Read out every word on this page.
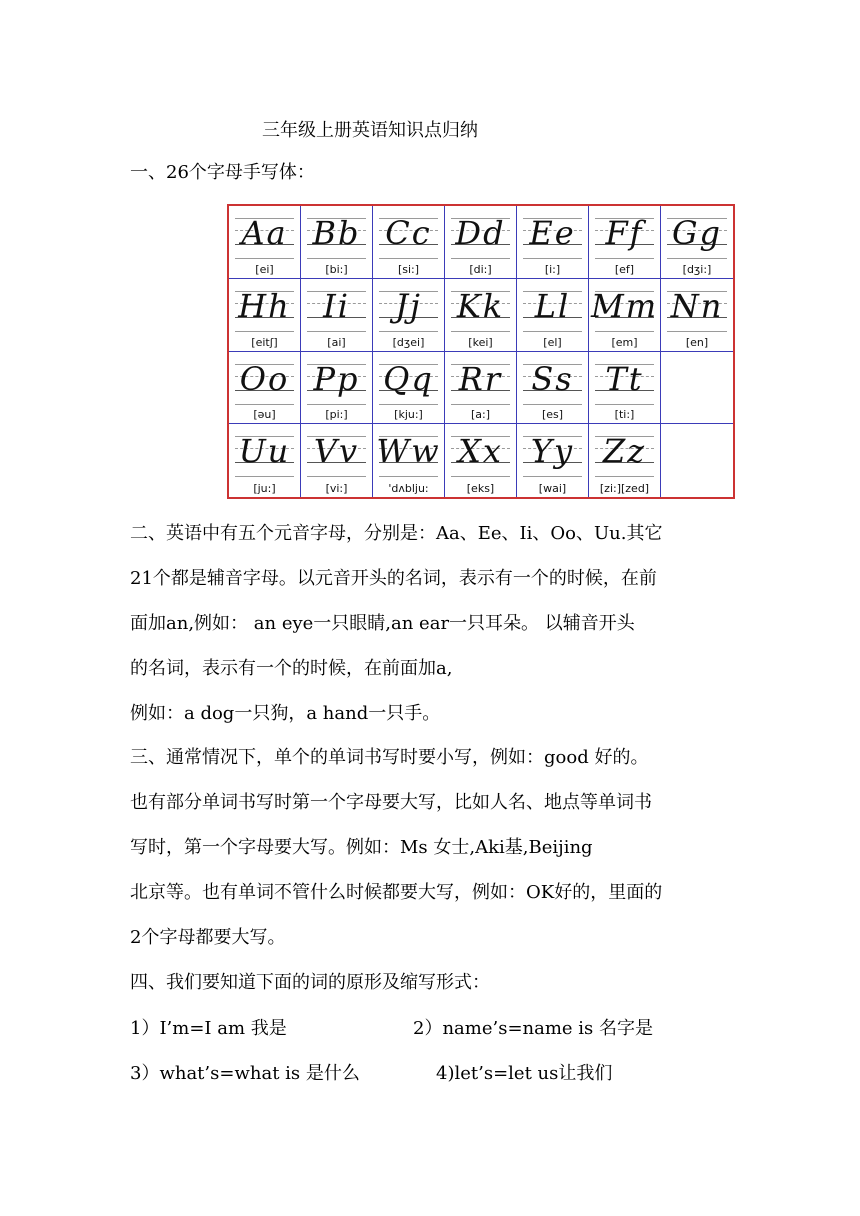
三年级上册英语知识点归纳
一、26个字母手写体：
Aa
[ei]
Bb
[bi:]
Cc
[si:]
Dd
[di:]
Ee
[i:]
Ff
[ef]
Gg
[dʒi:]
Hh
[eitʃ]
Ii
[ai]
Jj
[dʒei]
Kk
[kei]
Ll
[el]
Mm
[em]
Nn
[en]
Oo
[əu]
Pp
[pi:]
Qq
[kju:]
Rr
[a:]
Ss
[es]
Tt
[ti:]
Uu
[ju:]
Vv
[vi:]
Ww
'dʌblju:
Xx
[eks]
Yy
[wai]
Zz
[zi:][zed]
二、英语中有五个元音字母，分别是：Aa、Ee、Ii、Oo、Uu.其它
21个都是辅音字母。以元音开头的名词，表示有一个的时候，在前
面加an,例如： an eye一只眼睛,an ear一只耳朵。 以辅音开头
的名词，表示有一个的时候，在前面加a,
例如：a dog一只狗，a hand一只手。
三、通常情况下，单个的单词书写时要小写，例如：good 好的。
也有部分单词书写时第一个字母要大写，比如人名、地点等单词书
写时，第一个字母要大写。例如：Ms 女士,Aki基,Beijing
北京等。也有单词不管什么时候都要大写，例如：OK好的，里面的
2个字母都要大写。
四、我们要知道下面的词的原形及缩写形式：
1）I’m=I am 我是	2）name’s=name is 名字是
3）what’s=what is 是什么	4)let’s=let us让我们
